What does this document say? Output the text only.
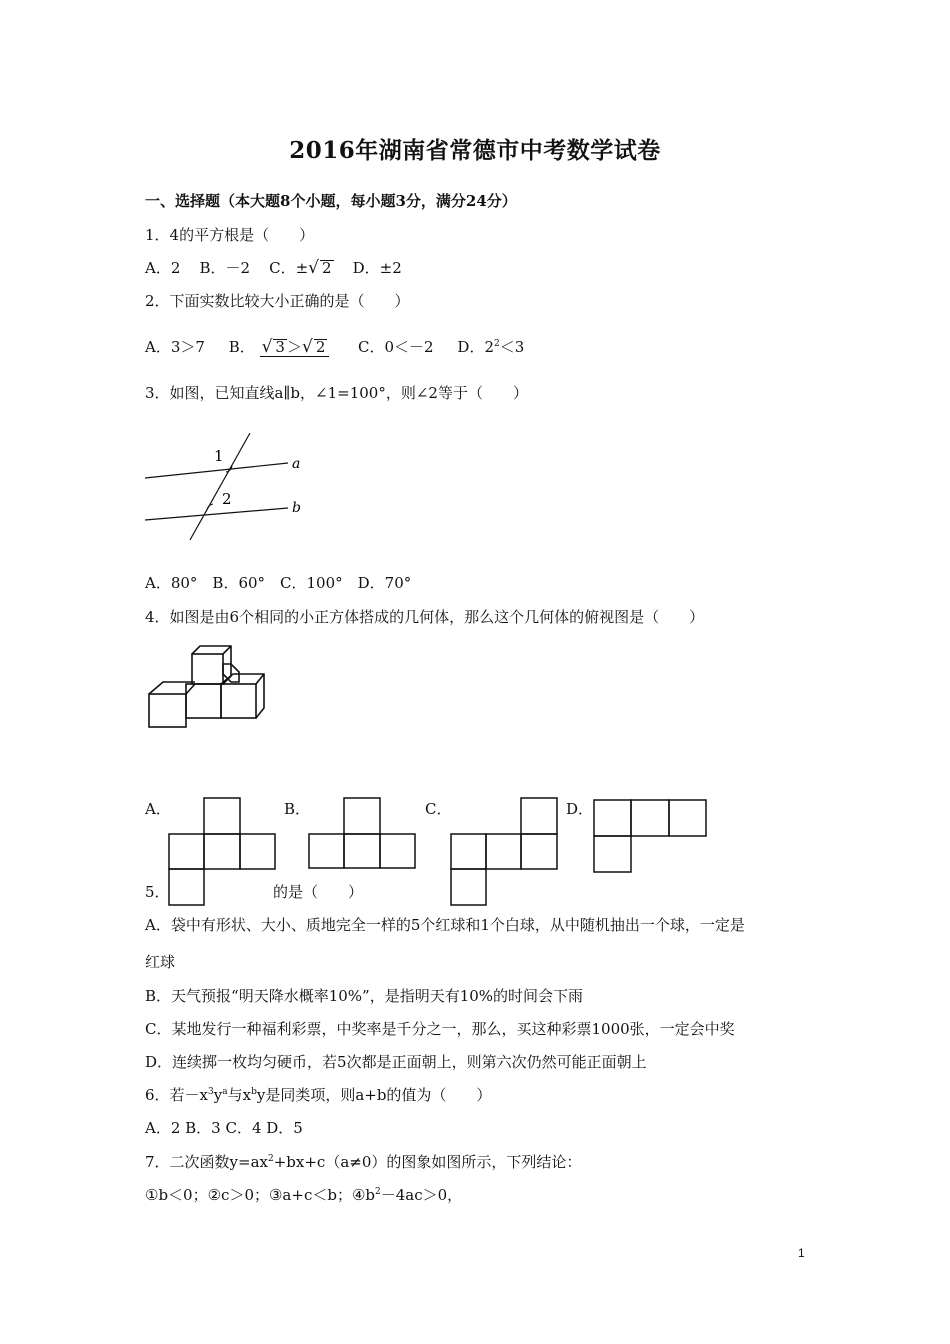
2016年湖南省常德市中考数学试卷
一、选择题（本大题8个小题，每小题3分，满分24分）
1．4的平方根是（　　）
A．2 B．－2 C．±√ 2 D．±2
2．下面实数比较大小正确的是（　　）
A．3＞7 B． √ 3 ＞√ 2 C．0＜－2 D．$2^2<3$
3．如图，已知直线a∥b，∠1=100°，则∠2等于（　　）
1
2
a
b
A．80°　B．60°　C．100°　D．70°
4．如图是由6个相同的小正方体搭成的几何体，那么这个几何体的俯视图是（　　）
A．	B．	C．	D．
5．	的是（　　）
A．袋中有形状、大小、质地完全一样的5个红球和1个白球，从中随机抽出一个球，一定是
红球
B．天气预报“明天降水概率10%”，是指明天有10%的时间会下雨
C．某地发行一种福利彩票，中奖率是千分之一，那么，买这种彩票1000张，一定会中奖
D．连续掷一枚均匀硬币，若5次都是正面朝上，则第六次仍然可能正面朝上
6．若$-x^3y^a$与$x^by$是同类项，则a+b的值为（　　）
A．2 B．3 C．4 D．5
7．二次函数$y=ax^2+bx+c(a\ne 0)$的图象如图所示，下列结论：
①b＜0；②c＞0；③a+c＜b；$④b^2-4ac>0$，
1
